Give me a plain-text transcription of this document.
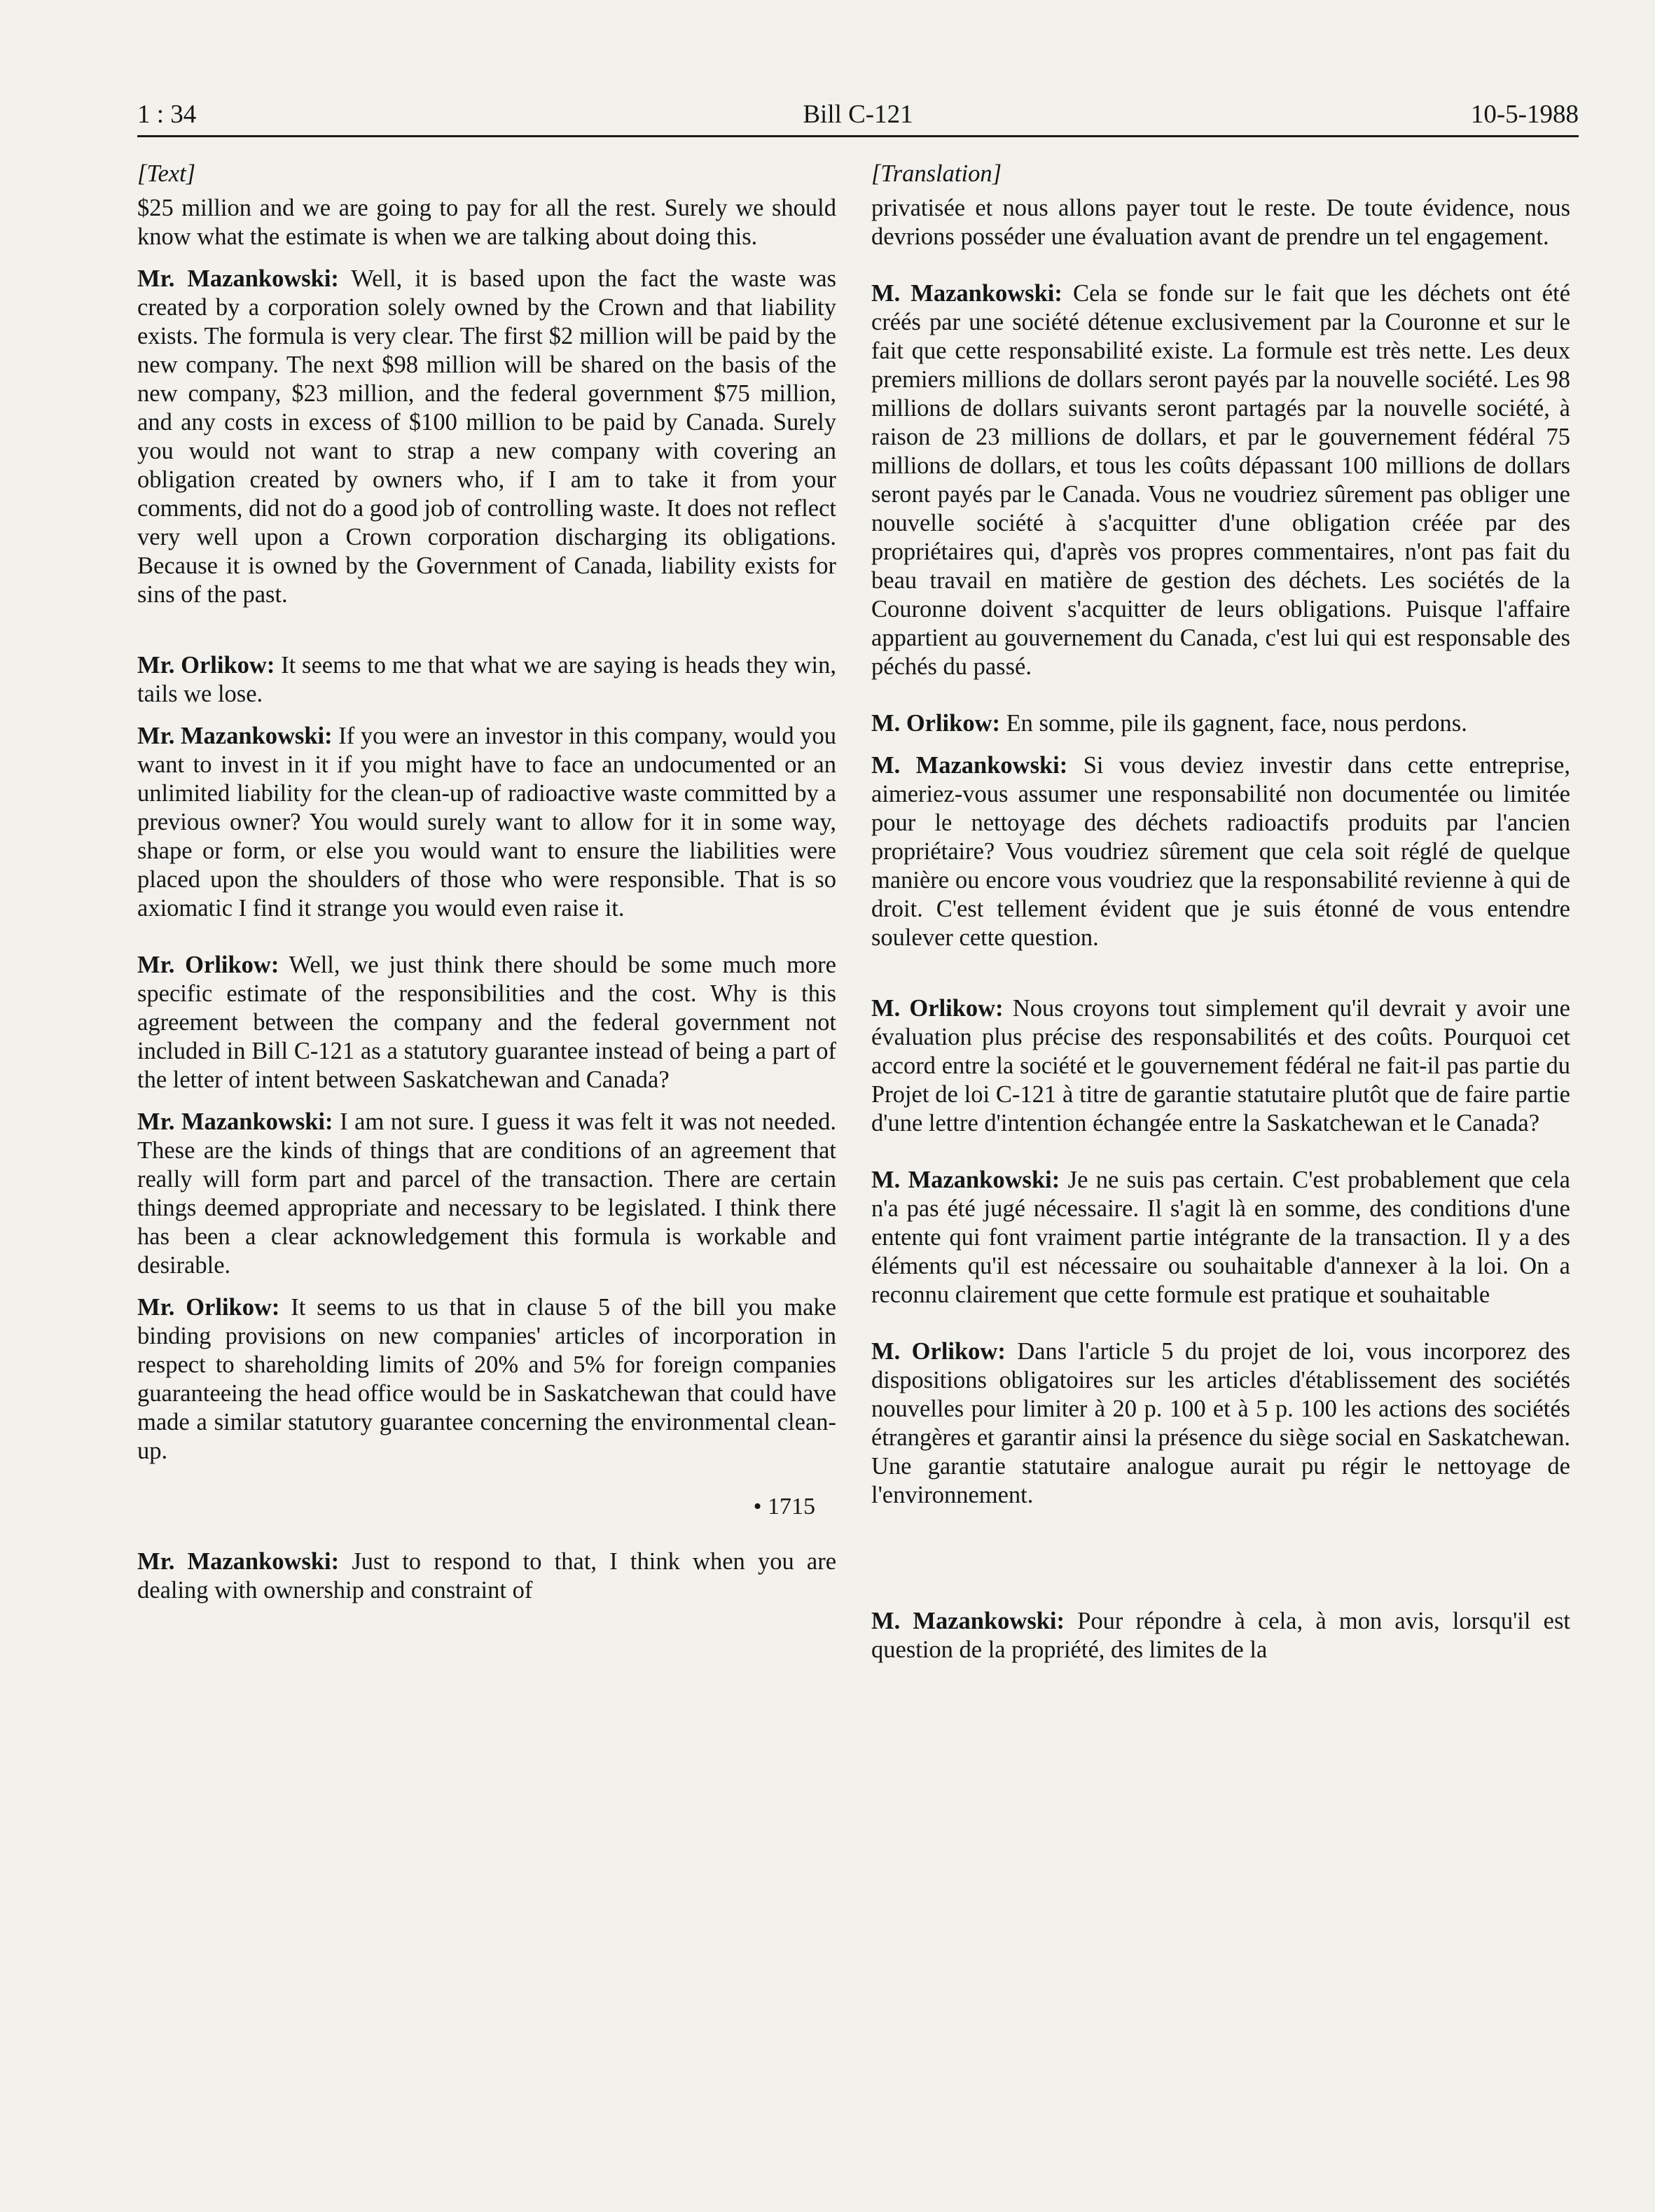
1 : 34	Bill C-121	10-5-1988
[Text]

$25 million and we are going to pay for all the rest. Surely we should know what the estimate is when we are talking about doing this.

Mr. Mazankowski: Well, it is based upon the fact the waste was created by a corporation solely owned by the Crown and that liability exists. The formula is very clear. The first $2 million will be paid by the new company. The next $98 million will be shared on the basis of the new company, $23 million, and the federal government $75 million, and any costs in excess of $100 million to be paid by Canada. Surely you would not want to strap a new company with covering an obligation created by owners who, if I am to take it from your comments, did not do a good job of controlling waste. It does not reflect very well upon a Crown corporation discharging its obligations. Because it is owned by the Government of Canada, liability exists for sins of the past.

Mr. Orlikow: It seems to me that what we are saying is heads they win, tails we lose.

Mr. Mazankowski: If you were an investor in this company, would you want to invest in it if you might have to face an undocumented or an unlimited liability for the clean-up of radioactive waste committed by a previous owner? You would surely want to allow for it in some way, shape or form, or else you would want to ensure the liabilities were placed upon the shoulders of those who were responsible. That is so axiomatic I find it strange you would even raise it.

Mr. Orlikow: Well, we just think there should be some much more specific estimate of the responsibilities and the cost. Why is this agreement between the company and the federal government not included in Bill C-121 as a statutory guarantee instead of being a part of the letter of intent between Saskatchewan and Canada?

Mr. Mazankowski: I am not sure. I guess it was felt it was not needed. These are the kinds of things that are conditions of an agreement that really will form part and parcel of the transaction. There are certain things deemed appropriate and necessary to be legislated. I think there has been a clear acknowledgement this formula is workable and desirable.

Mr. Orlikow: It seems to us that in clause 5 of the bill you make binding provisions on new companies' articles of incorporation in respect to shareholding limits of 20% and 5% for foreign companies guaranteeing the head office would be in Saskatchewan that could have made a similar statutory guarantee concerning the environmental clean-up.

• 1715

Mr. Mazankowski: Just to respond to that, I think when you are dealing with ownership and constraint of

[Translation]

privatisée et nous allons payer tout le reste. De toute évidence, nous devrions posséder une évaluation avant de prendre un tel engagement.

M. Mazankowski: Cela se fonde sur le fait que les déchets ont été créés par une société détenue exclusivement par la Couronne et sur le fait que cette responsabilité existe. La formule est très nette. Les deux premiers millions de dollars seront payés par la nouvelle société. Les 98 millions de dollars suivants seront partagés par la nouvelle société, à raison de 23 millions de dollars, et par le gouvernement fédéral 75 millions de dollars, et tous les coûts dépassant 100 millions de dollars seront payés par le Canada. Vous ne voudriez sûrement pas obliger une nouvelle société à s'acquitter d'une obligation créée par des propriétaires qui, d'après vos propres commentaires, n'ont pas fait du beau travail en matière de gestion des déchets. Les sociétés de la Couronne doivent s'acquitter de leurs obligations. Puisque l'affaire appartient au gouvernement du Canada, c'est lui qui est responsable des péchés du passé.

M. Orlikow: En somme, pile ils gagnent, face, nous perdons.

M. Mazankowski: Si vous deviez investir dans cette entreprise, aimeriez-vous assumer une responsabilité non documentée ou limitée pour le nettoyage des déchets radioactifs produits par l'ancien propriétaire? Vous voudriez sûrement que cela soit réglé de quelque manière ou encore vous voudriez que la responsabilité revienne à qui de droit. C'est tellement évident que je suis étonné de vous entendre soulever cette question.

M. Orlikow: Nous croyons tout simplement qu'il devrait y avoir une évaluation plus précise des responsabilités et des coûts. Pourquoi cet accord entre la société et le gouvernement fédéral ne fait-il pas partie du Projet de loi C-121 à titre de garantie statutaire plutôt que de faire partie d'une lettre d'intention échangée entre la Saskatchewan et le Canada?

M. Mazankowski: Je ne suis pas certain. C'est probablement que cela n'a pas été jugé nécessaire. Il s'agit là en somme, des conditions d'une entente qui font vraiment partie intégrante de la transaction. Il y a des éléments qu'il est nécessaire ou souhaitable d'annexer à la loi. On a reconnu clairement que cette formule est pratique et souhaitable

M. Orlikow: Dans l'article 5 du projet de loi, vous incorporez des dispositions obligatoires sur les articles d'établissement des sociétés nouvelles pour limiter à 20 p. 100 et à 5 p. 100 les actions des sociétés étrangères et garantir ainsi la présence du siège social en Saskatchewan. Une garantie statutaire analogue aurait pu régir le nettoyage de l'environnement.

M. Mazankowski: Pour répondre à cela, à mon avis, lorsqu'il est question de la propriété, des limites de la
